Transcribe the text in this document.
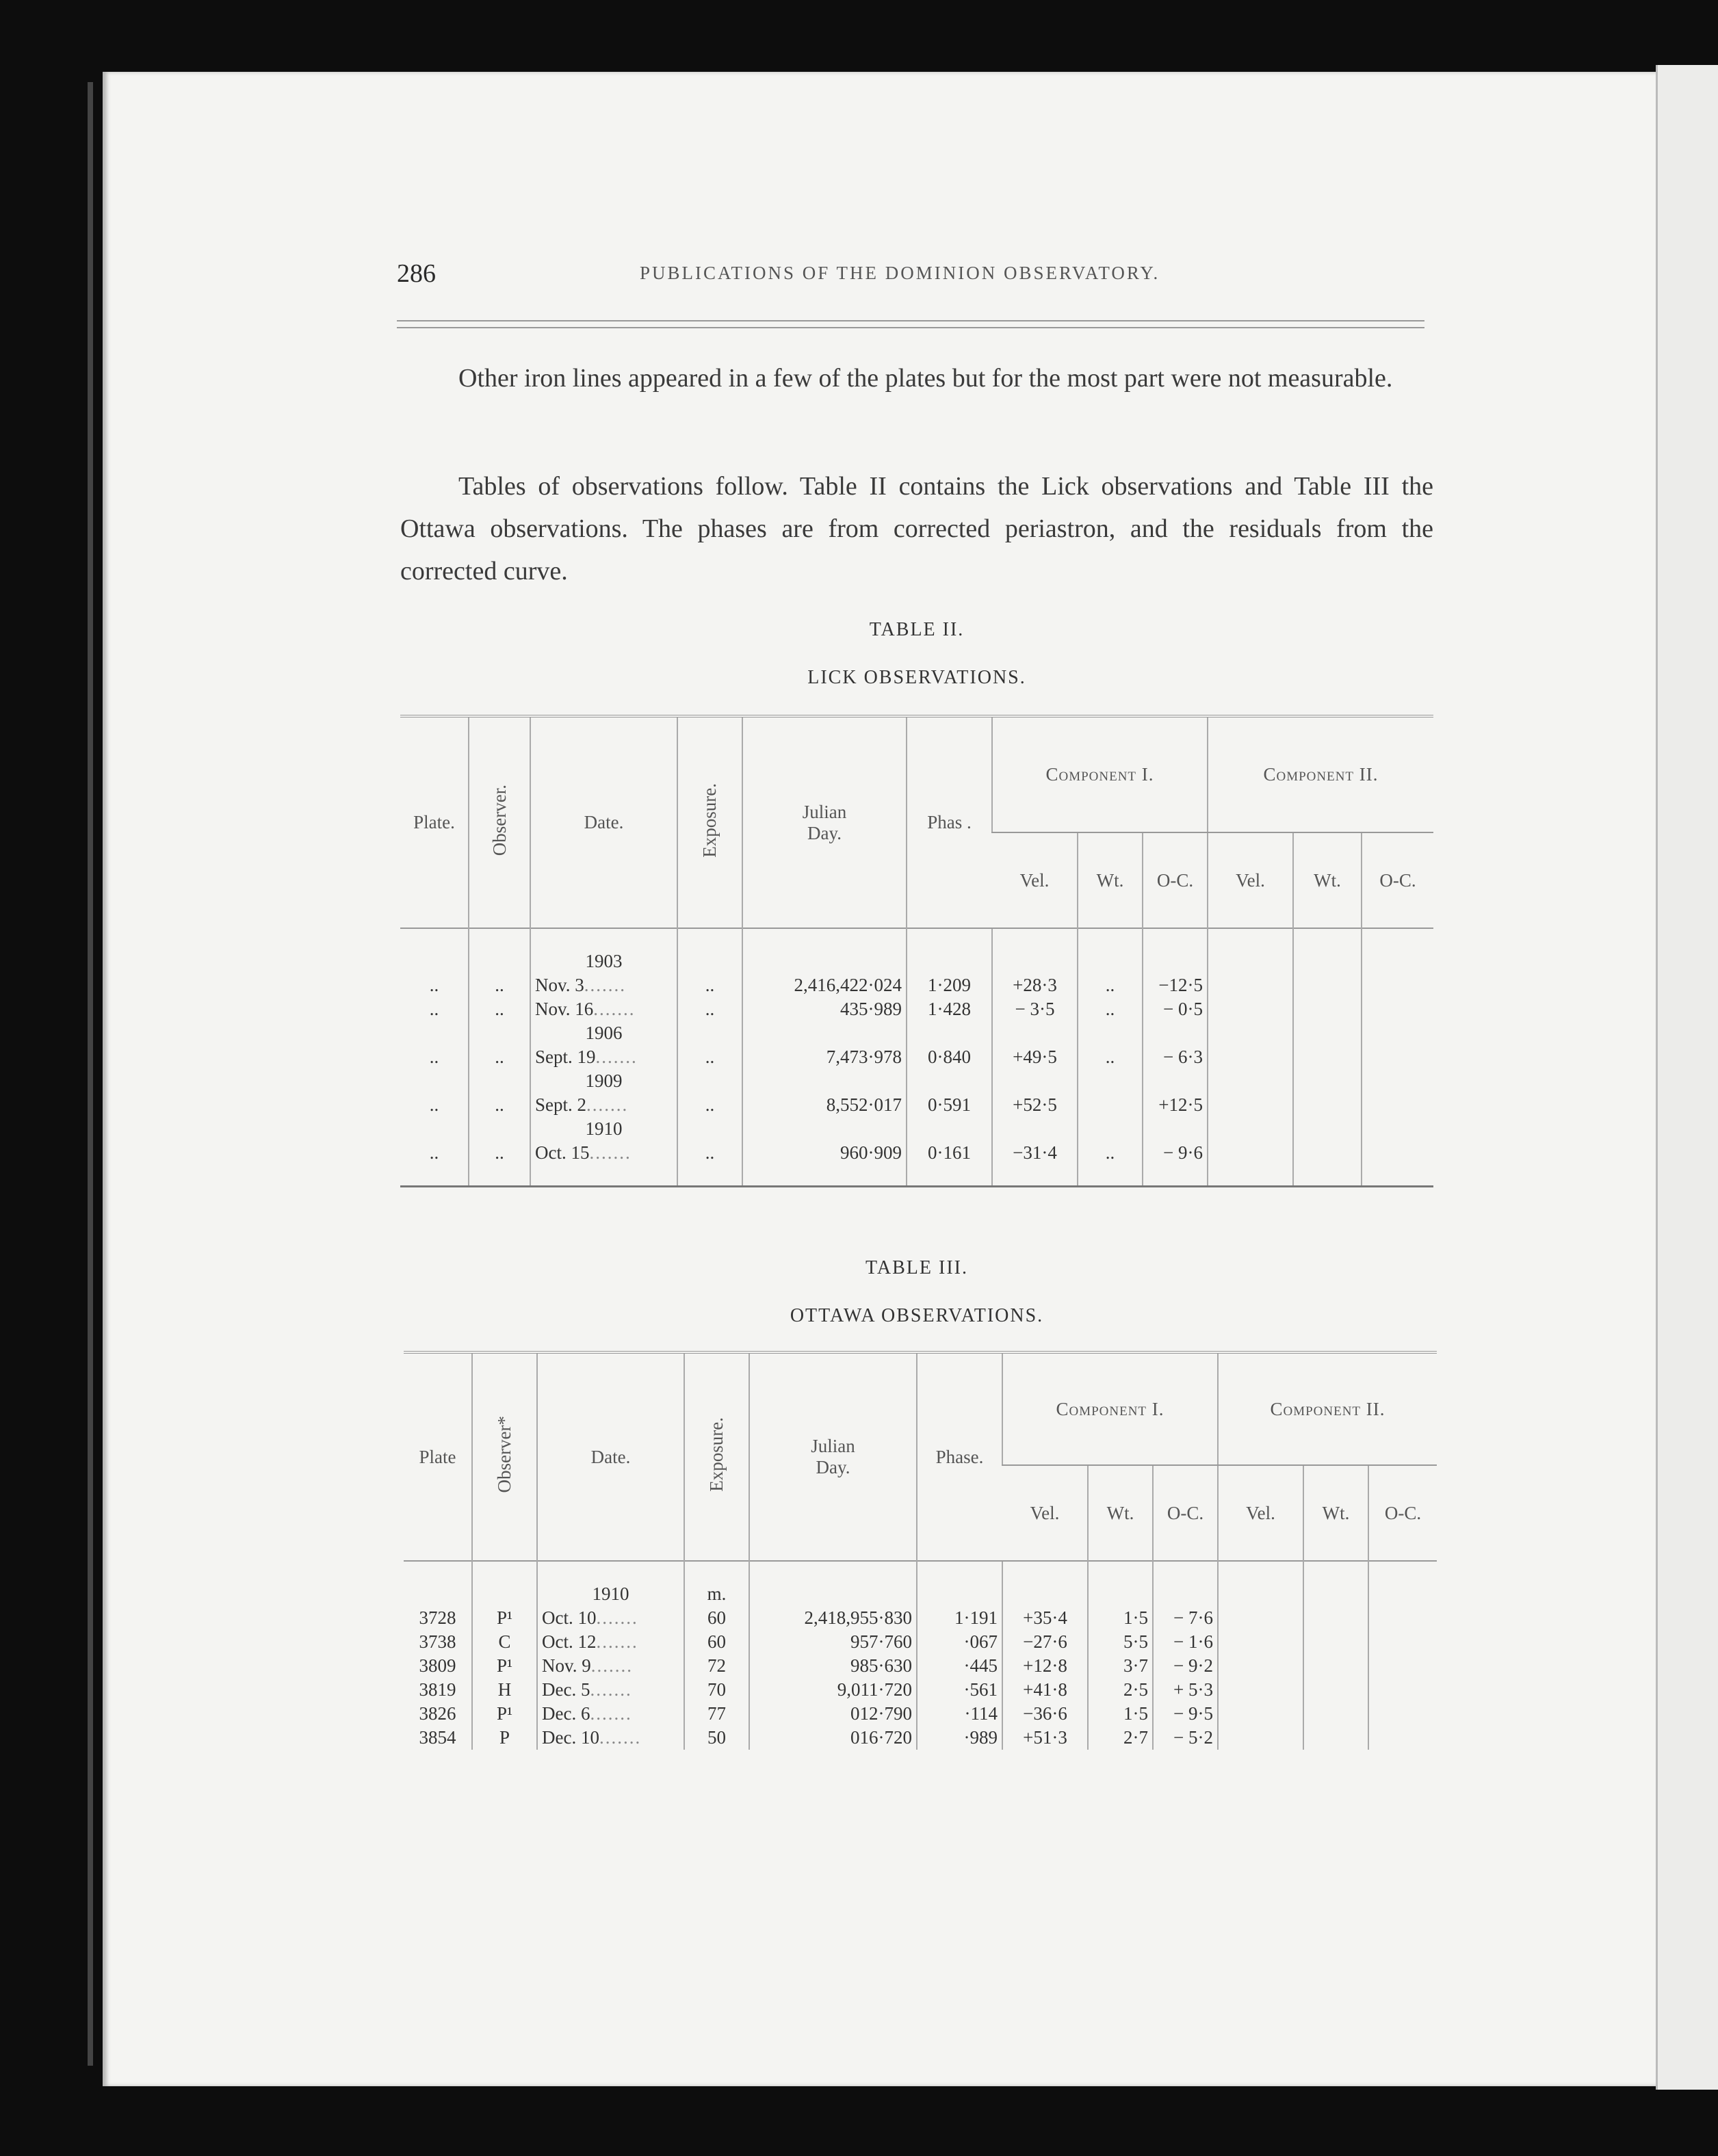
286	PUBLICATIONS OF THE DOMINION OBSERVATORY.

Other iron lines appeared in a few of the plates but for the most part were not measurable.

Tables of observations follow. Table II contains the Lick observations and Table III the Ottawa observations. The phases are from corrected periastron, and the residuals from the corrected curve.

TABLE II.
LICK OBSERVATIONS.
Plate.	Observer.	Date.	Exposure.	Julian Day.	Phas .	Component I.			Component II.		
						Vel.	Wt.	O-C.	Vel.	Wt.	O-C.

		1903									

..	..	Nov. 3.......	..	2,416,422·024	1·209	+28·3	..	−12·5			
..	..	Nov. 16.......	..	435·989	1·428	− 3·5	..	− 0·5			

		1906									

..	..	Sept. 19.......	..	7,473·978	0·840	+49·5	..	− 6·3			

		1909									

..	..	Sept. 2.......	..	8,552·017	0·591	+52·5		+12·5			

		1910									

..	..	Oct. 15.......	..	960·909	0·161	−31·4	..	− 9·6			

TABLE III.
OTTAWA OBSERVATIONS.
Plate	Observer*	Date.	Exposure.	Julian Day.	Phase.	Component I.			Component II.		
						Vel.	Wt.	O-C.	Vel.	Wt.	O-C.

		1910	m.								
3728	P¹	Oct. 10.......	60	2,418,955·830	1·191	+35·4	1·5	− 7·6			
3738	C	Oct. 12.......	60	957·760	·067	−27·6	5·5	− 1·6			
3809	P¹	Nov. 9.......	72	985·630	·445	+12·8	3·7	− 9·2			
3819	H	Dec. 5.......	70	9,011·720	·561	+41·8	2·5	+ 5·3			
3826	P¹	Dec. 6.......	77	012·790	·114	−36·6	1·5	− 9·5			
3854	P	Dec. 10.......	50	016·720	·989	+51·3	2·7	− 5·2			
